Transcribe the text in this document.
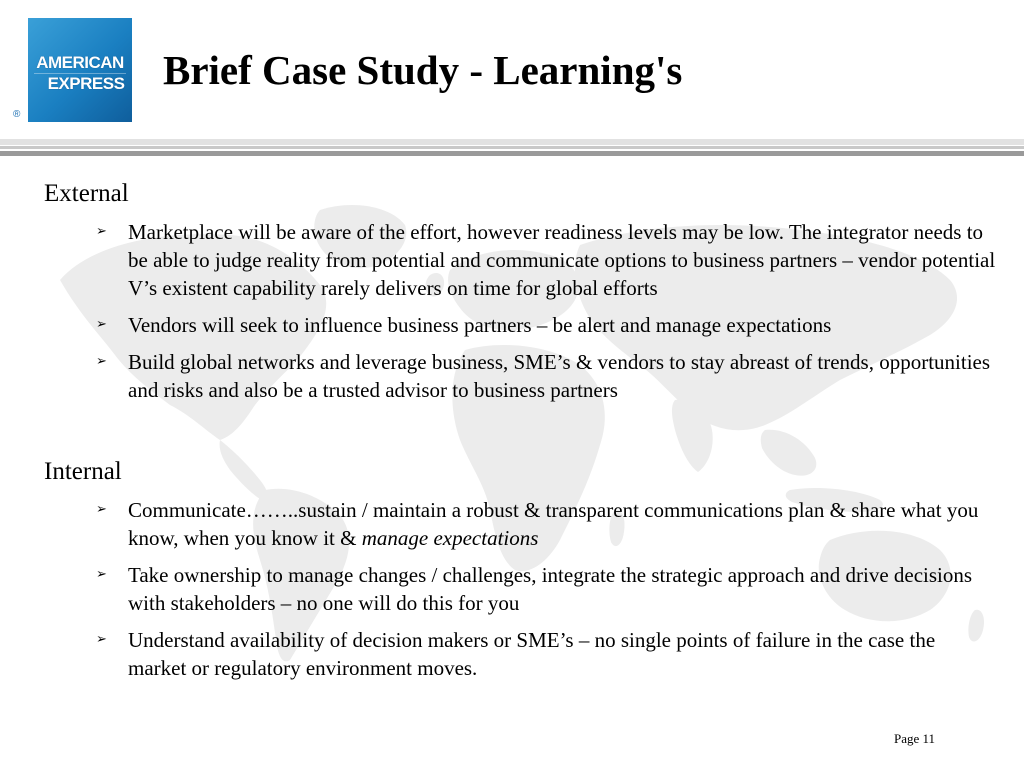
AMERICAN
EXPRESS
®
Brief Case Study - Learning's
External
➢ Marketplace will be aware of the effort, however readiness levels may be low. The integrator needs to be able to judge reality from potential and communicate options to business partners – vendor potential V’s existent capability rarely delivers on time for global efforts
➢ Vendors will seek to influence business partners – be alert and manage expectations
➢ Build global networks and leverage business, SME’s & vendors to stay abreast of trends, opportunities and risks and also be a trusted advisor to business partners
Internal
➢ Communicate……..sustain / maintain a robust & transparent communications plan & share what you know, when you know it & manage expectations
➢ Take ownership to manage changes / challenges, integrate the strategic approach and drive decisions with stakeholders – no one will do this for you
➢ Understand availability of decision makers or SME’s – no single points of failure in the case the market or regulatory environment moves.
Page 11
